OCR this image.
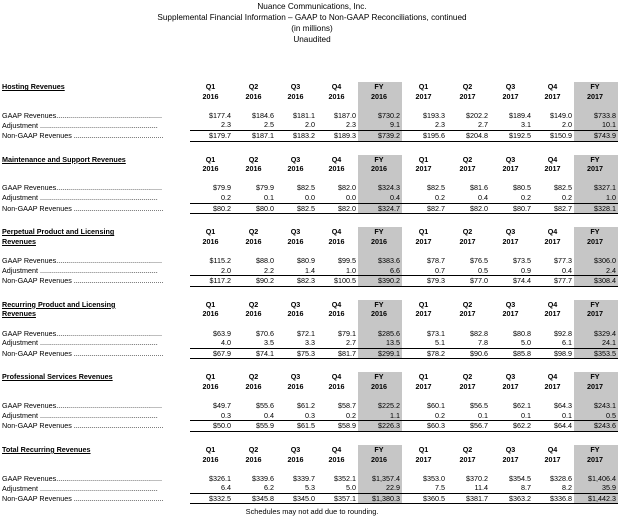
Nuance Communications, Inc.
Supplemental Financial Information – GAAP to Non-GAAP Reconciliations, continued
(in millions)
Unaudited
Hosting Revenues	Q1	Q2	Q3	Q4	FY	Q1	Q2	Q3	Q4	FY
	2016	2016	2016	2016	2016	2017	2017	2017	2017	2017

GAAP Revenues.....................................................	$177.4	$184.6	$181.1	$187.0	$730.2	$193.3	$202.2	$189.4	$149.0	$733.8
Adjustment ...........................................................	2.3	2.5	2.0	2.3	9.1	2.3	2.7	3.1	2.0	10.1
Non-GAAP Revenues .............................................	$179.7	$187.1	$183.2	$189.3	$739.2	$195.6	$204.8	$192.5	$150.9	$743.9

Maintenance and Support Revenues	Q1	Q2	Q3	Q4	FY	Q1	Q2	Q3	Q4	FY
	2016	2016	2016	2016	2016	2017	2017	2017	2017	2017

GAAP Revenues.....................................................	$79.9	$79.9	$82.5	$82.0	$324.3	$82.5	$81.6	$80.5	$82.5	$327.1
Adjustment ...........................................................	0.2	0.1	0.0	0.0	0.4	0.2	0.4	0.2	0.2	1.0
Non-GAAP Revenues .............................................	$80.2	$80.0	$82.5	$82.0	$324.7	$82.7	$82.0	$80.7	$82.7	$328.1

Perpetual Product and Licensing	Q1	Q2	Q3	Q4	FY	Q1	Q2	Q3	Q4	FY
Revenues	2016	2016	2016	2016	2016	2017	2017	2017	2017	2017

GAAP Revenues.....................................................	$115.2	$88.0	$80.9	$99.5	$383.6	$78.7	$76.5	$73.5	$77.3	$306.0
Adjustment ...........................................................	2.0	2.2	1.4	1.0	6.6	0.7	0.5	0.9	0.4	2.4
Non-GAAP Revenues .............................................	$117.2	$90.2	$82.3	$100.5	$390.2	$79.3	$77.0	$74.4	$77.7	$308.4

Recurring Product and Licensing	Q1	Q2	Q3	Q4	FY	Q1	Q2	Q3	Q4	FY
Revenues	2016	2016	2016	2016	2016	2017	2017	2017	2017	2017

GAAP Revenues.....................................................	$63.9	$70.6	$72.1	$79.1	$285.6	$73.1	$82.8	$80.8	$92.8	$329.4
Adjustment ...........................................................	4.0	3.5	3.3	2.7	13.5	5.1	7.8	5.0	6.1	24.1
Non-GAAP Revenues .............................................	$67.9	$74.1	$75.3	$81.7	$299.1	$78.2	$90.6	$85.8	$98.9	$353.5

Professional Services Revenues	Q1	Q2	Q3	Q4	FY	Q1	Q2	Q3	Q4	FY
	2016	2016	2016	2016	2016	2017	2017	2017	2017	2017

GAAP Revenues.....................................................	$49.7	$55.6	$61.2	$58.7	$225.2	$60.1	$56.5	$62.1	$64.3	$243.1
Adjustment ...........................................................	0.3	0.4	0.3	0.2	1.1	0.2	0.1	0.1	0.1	0.5
Non-GAAP Revenues .............................................	$50.0	$55.9	$61.5	$58.9	$226.3	$60.3	$56.7	$62.2	$64.4	$243.6

Total Recurring Revenues	Q1	Q2	Q3	Q4	FY	Q1	Q2	Q3	Q4	FY
	2016	2016	2016	2016	2016	2017	2017	2017	2017	2017

GAAP Revenues.....................................................	$326.1	$339.6	$339.7	$352.1	$1,357.4	$353.0	$370.2	$354.5	$328.6	$1,406.4
Adjustment ...........................................................	6.4	6.2	5.3	5.0	22.9	7.5	11.4	8.7	8.2	35.9
Non-GAAP Revenues .............................................	$332.5	$345.8	$345.0	$357.1	$1,380.3	$360.5	$381.7	$363.2	$336.8	$1,442.3
Schedules may not add due to rounding.
